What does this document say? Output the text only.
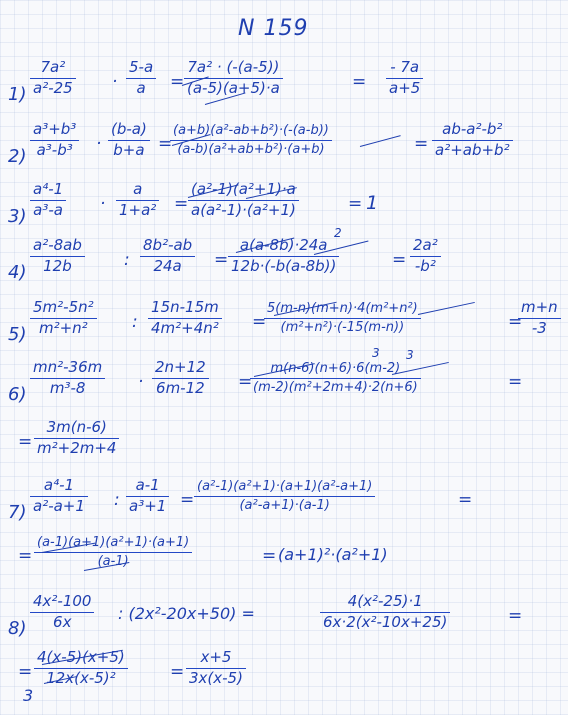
N 159
1)
7a²
a²-25 ·
5-a
a =
7a² · (-(a-5))
(a-5)(a+5)·a	=
- 7a
a+5
2)
a³+b³
a³-b³ ·
(b-a)
b+a =
(a+b)(a²-ab+b²)·(-(a-b))
(a-b)(a²+ab+b²)·(a+b)	=
ab-a²-b²
a²+ab+b²
3)
a⁴-1
a³-a ·
a
1+a² =
(a²-1)(a²+1)·a
a(a²-1)·(a²+1)	= 1
4)
a²-8ab
12b	:
8b²-ab
24a =
a(a-8b)·24a
12b·(-b(a-8b))
2
=
2a²
-b²
5)
5m²-5n²
m²+n²	:
15n-15m
4m²+4n² =
5(m-n)(m+n)·4(m²+n²)
(m²+n²)·(-15(m-n))	=
m+n
-3
6)
mn²-36m
m³-8	·
2n+12
6m-12 =
3 3
m(n-6)(n+6)·6(m-2)
(m-2)(m²+2m+4)·2(n+6)	=
=
3m(n-6)
m²+2m+4
7)
a⁴-1
a²-a+1 :
a-1
a³+1 =
(a²-1)(a²+1)·(a+1)(a²-a+1)
(a²-a+1)·(a-1)	=
=
(a-1)(a+1)(a²+1)·(a+1)
(a-1)	= (a+1)²·(a²+1)
8)
4x²-100
6x	: (2x²-20x+50) =
4(x²-25)·1
6x·2(x²-10x+25)	=
=
4(x-5)(x+5)
12x(x-5)²	=
x+5
3x(x-5)
3
